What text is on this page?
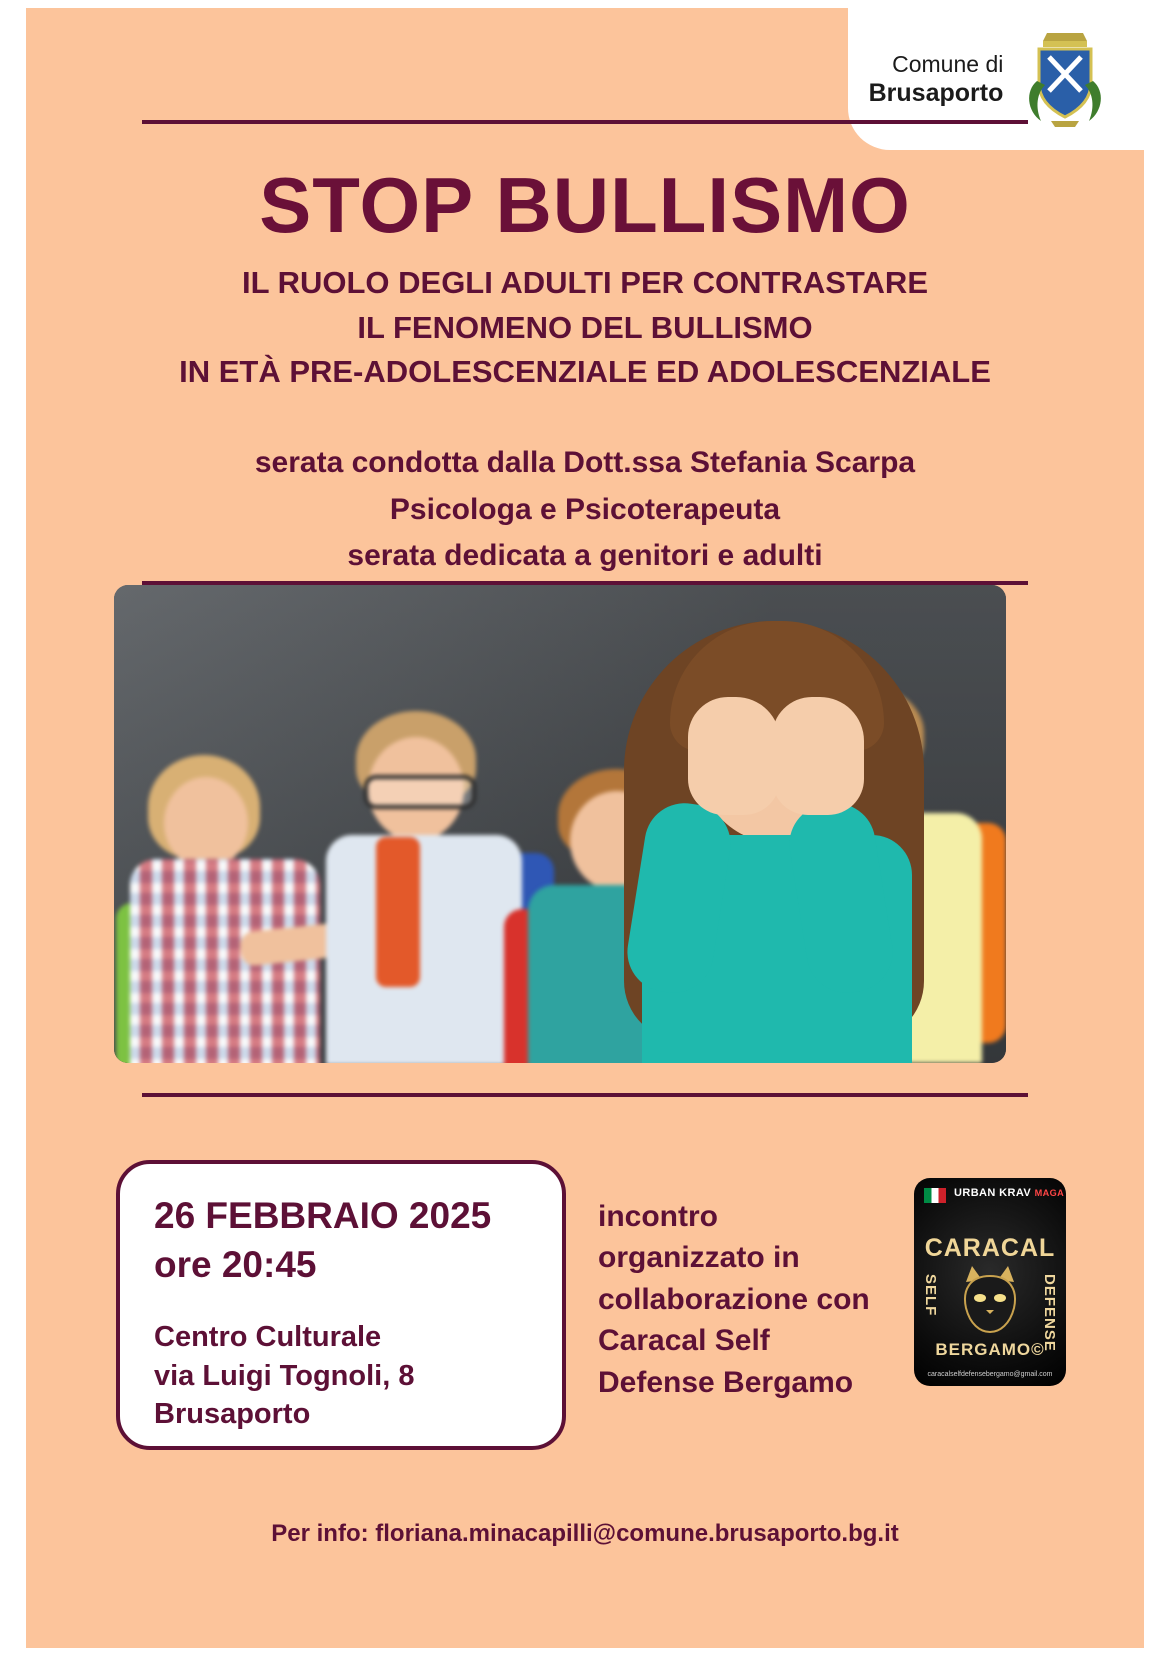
Comune di
Brusaporto
STOP BULLISMO
IL RUOLO DEGLI ADULTI PER CONTRASTARE
IL FENOMENO DEL BULLISMO
IN ETÀ PRE-ADOLESCENZIALE ED ADOLESCENZIALE
serata condotta dalla Dott.ssa Stefania Scarpa
Psicologa e Psicoterapeuta
serata dedicata a genitori e adulti
26 FEBBRAIO 2025
ore 20:45
Centro Culturale
via Luigi Tognoli, 8
Brusaporto
incontro
organizzato in
collaborazione con
Caracal Self
Defense Bergamo
URBAN KRAV MAGA
CARACAL
SELF	DEFENSE
BERGAMO©
caracalselfdefensebergamo@gmail.com
Per info: floriana.minacapilli@comune.brusaporto.bg.it
